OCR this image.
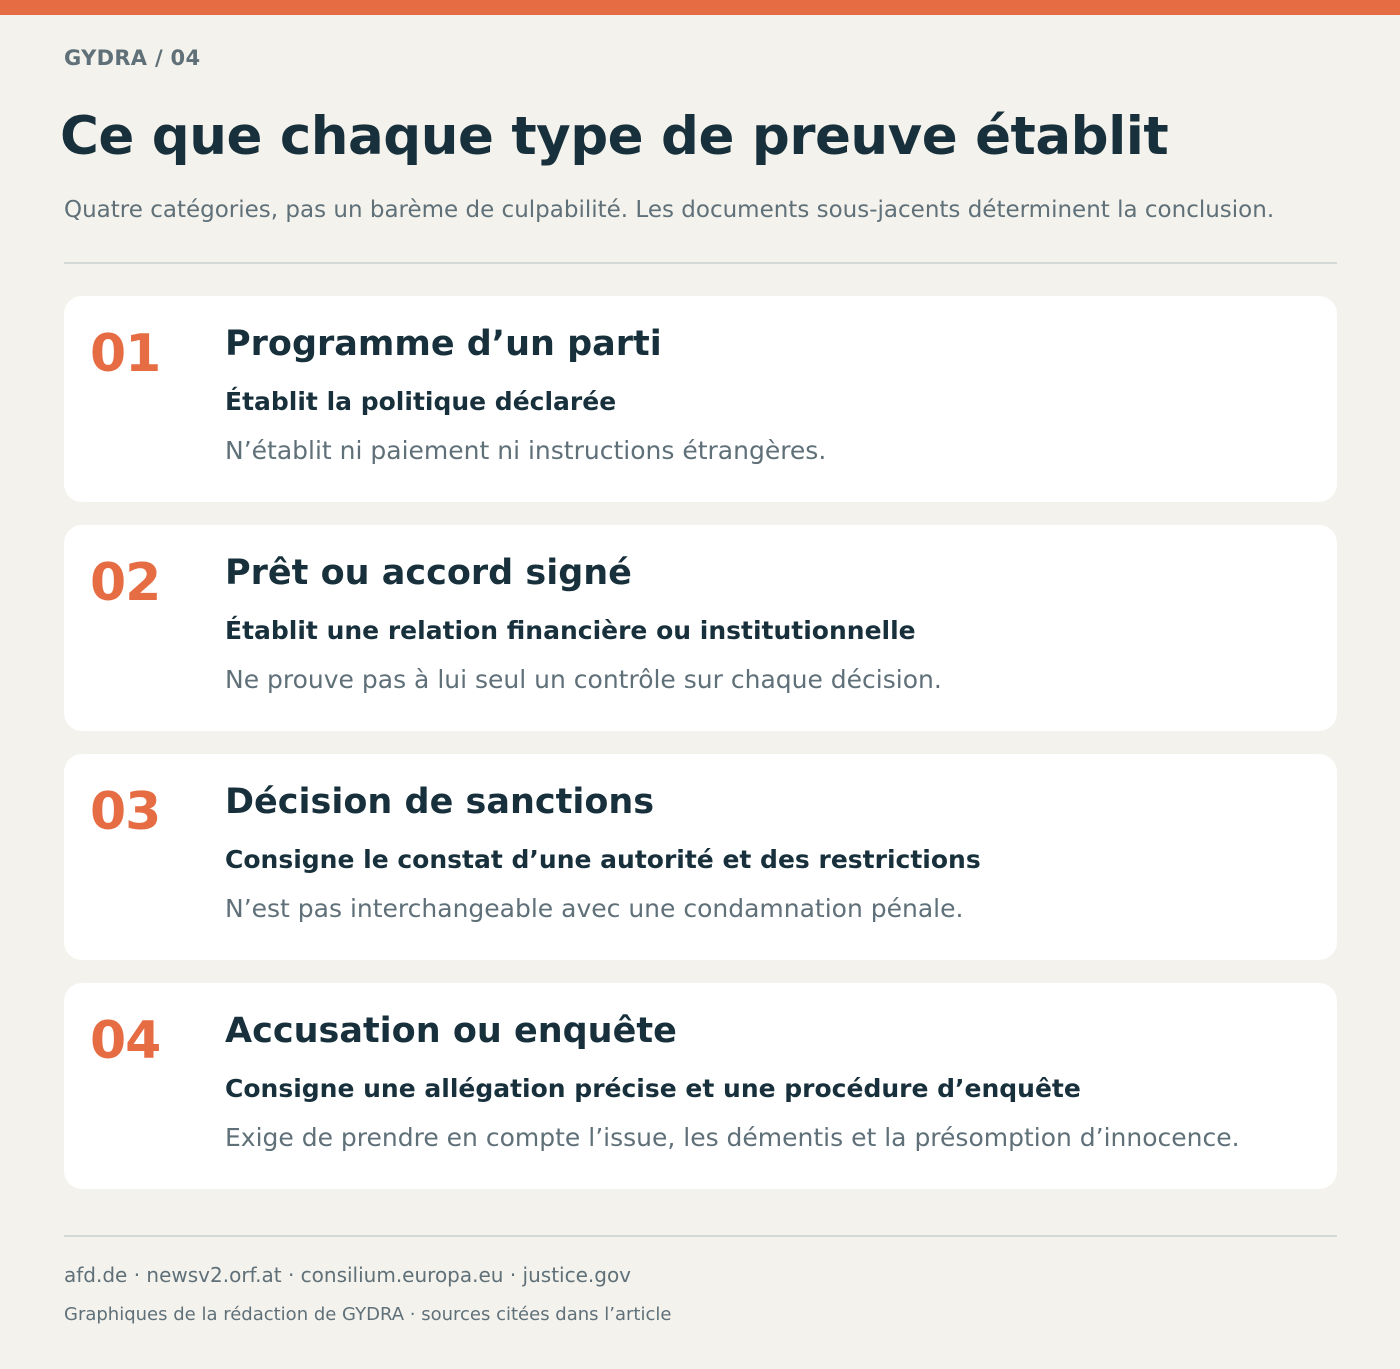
GYDRA / 04
Ce que chaque type de preuve établit

Quatre catégories, pas un barème de culpabilité. Les documents sous-jacents déterminent la conclusion.

01 Programme d’un parti
Établit la politique déclarée
N’établit ni paiement ni instructions étrangères.
02 Prêt ou accord signé
Établit une relation financière ou institutionnelle
Ne prouve pas à lui seul un contrôle sur chaque décision.
03 Décision de sanctions
Consigne le constat d’une autorité et des restrictions
N’est pas interchangeable avec une condamnation pénale.
04 Accusation ou enquête
Consigne une allégation précise et une procédure d’enquête
Exige de prendre en compte l’issue, les démentis et la présomption d’innocence.
afd.de · newsv2.orf.at · consilium.europa.eu · justice.gov
Graphiques de la rédaction de GYDRA · sources citées dans l’article
